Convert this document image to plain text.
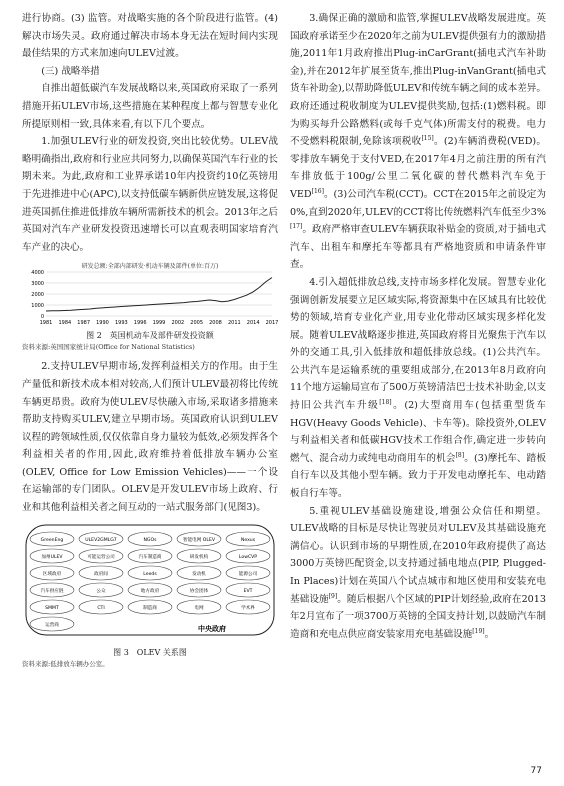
进行协商。(3) 监管。对战略实施的各个阶段进行监管。(4)解决市场失灵。政府通过解决市场本身无法在短时间内实现最佳结果的方式来加速向ULEV过渡。

(三) 战略举措

自推出超低碳汽车发展战略以来,英国政府采取了一系列措施开拓ULEV市场,这些措施在某种程度上都与智慧专业化所提原则相一致,具体来看,有以下几个要点。

1.加强ULEV行业的研发投资,突出比较优势。ULEV战略明确指出,政府和行业应共同努力,以确保英国汽车行业的长期未来。为此,政府和工业界承诺10年内投资约10亿英镑用于先进推进中心(APC),以支持低碳车辆新供应链发展,这将促进英国抓住推进低排放车辆所需新技术的机会。2013年之后英国对汽车产业研发投资迅速增长可以直观表明国家培育汽车产业的决心。

研发总额:全部内部研发·机动车辆及部件(单位:百万)
4000
3000
2000
1000
0
1981 1984 1987 1990 1993 1996 1999 2002 2005 2008 2011 2014 2017
图 2　英国机动车及部件研发投资额

资料来源:英国国家统计局(Office for National Statistics)

2.支持ULEV早期市场,发挥利益相关方的作用。由于生产量低和新技术成本相对较高,人们预计ULEV最初将比传统车辆更昂贵。政府为使ULEV尽快融入市场,采取诸多措施来帮助支持购买ULEV,建立早期市场。英国政府认识到ULEV议程的跨领域性质,仅仅依靠自身力量较为低效,必须发挥各个利益相关者的作用,因此,政府维持着低排放车辆办公室(OLEV, Office for Low Emission Vehicles)——一个设在运输部的专门团队。OLEV是开发ULEV市场上政府、行业和其他利益相关者之间互动的一站式服务部门(见图3)。

GreenEng	ULEV2GMLG7	NGOs	智能电网 OLEV	Nexus
加州ULEV	可能运营公司	汽车制造商	研发机构	LowCVP
区域政府	政府间	Leeds	发动机	能源公司
汽车供应链	公众	地方政府	协会团体	EVT
SMMT	CTI	制造商	电网	学术界
运营商	中央政府
图 3　OLEV 关系图

资料来源:低排放车辆办公室。

3.确保正确的激励和监管,掌握ULEV战略发展进度。英国政府承诺至少在2020年之前为ULEV提供强有力的激励措施,2011年1月政府推出Plug-inCarGrant(插电式汽车补助金),并在2012年扩展至货车,推出Plug-inVanGrant(插电式货车补助金),以帮助降低ULEV和传统车辆之间的成本差异。政府还通过税收制度为ULEV提供奖励,包括:(1)燃料税。即为购买每升公路燃料(或每千克气体)所需支付的税费。电力不受燃料税限制,免除该项税收[15]。(2)车辆消费税(VED)。零排放车辆免于支付VED,在2017年4月之前注册的所有汽车排放低于100g/公里二氧化碳的替代燃料汽车免于VED[16]。(3)公司汽车税(CCT)。CCT在2015年之前设定为0%,直到2020年,ULEV的CCT将比传统燃料汽车低至少3%[17]。政府严格审查ULEV车辆获取补贴金的资质,对于插电式汽车、出租车和摩托车等都具有严格地资质和申请条件审查。

4.引入超低排放总线,支持市场多样化发展。智慧专业化强调创新发展要立足区域实际,将资源集中在区域具有比较优势的领域,培育专业化产业,用专业化带动区域实现多样化发展。随着ULEV战略逐步推进,英国政府将目光聚焦于汽车以外的交通工具,引入低排放和超低排放总线。(1)公共汽车。公共汽车是运输系统的重要组成部分,在2013年8月政府向11个地方运输局宣布了500万英镑清洁巴士技术补助金,以支持旧公共汽车升级[18]。(2)大型商用车(包括重型货车HGV(Heavy Goods Vehicle)、卡车等)。除投资外,OLEV与利益相关者和低碳HGV技术工作组合作,确定进一步转向燃气、混合动力或纯电动商用车的机会[8]。(3)摩托车、踏板自行车以及其他小型车辆。致力于开发电动摩托车、电动踏板自行车等。

5.重视ULEV基础设施建设,增强公众信任和期望。ULEV战略的目标是尽快让驾驶员对ULEV及其基础设施充满信心。认识到市场的早期性质,在2010年政府提供了高达3000万英镑匹配资金,以支持通过插电地点(PIP, Plugged-In Places)计划在英国八个试点城市和地区使用和安装充电基础设施[9]。随后根据八个区域的PIP计划经验,政府在2013年2月宣布了一项3700万英镑的全国支持计划,以鼓励汽车制造商和充电点供应商安装家用充电基础设施[19]。

77
